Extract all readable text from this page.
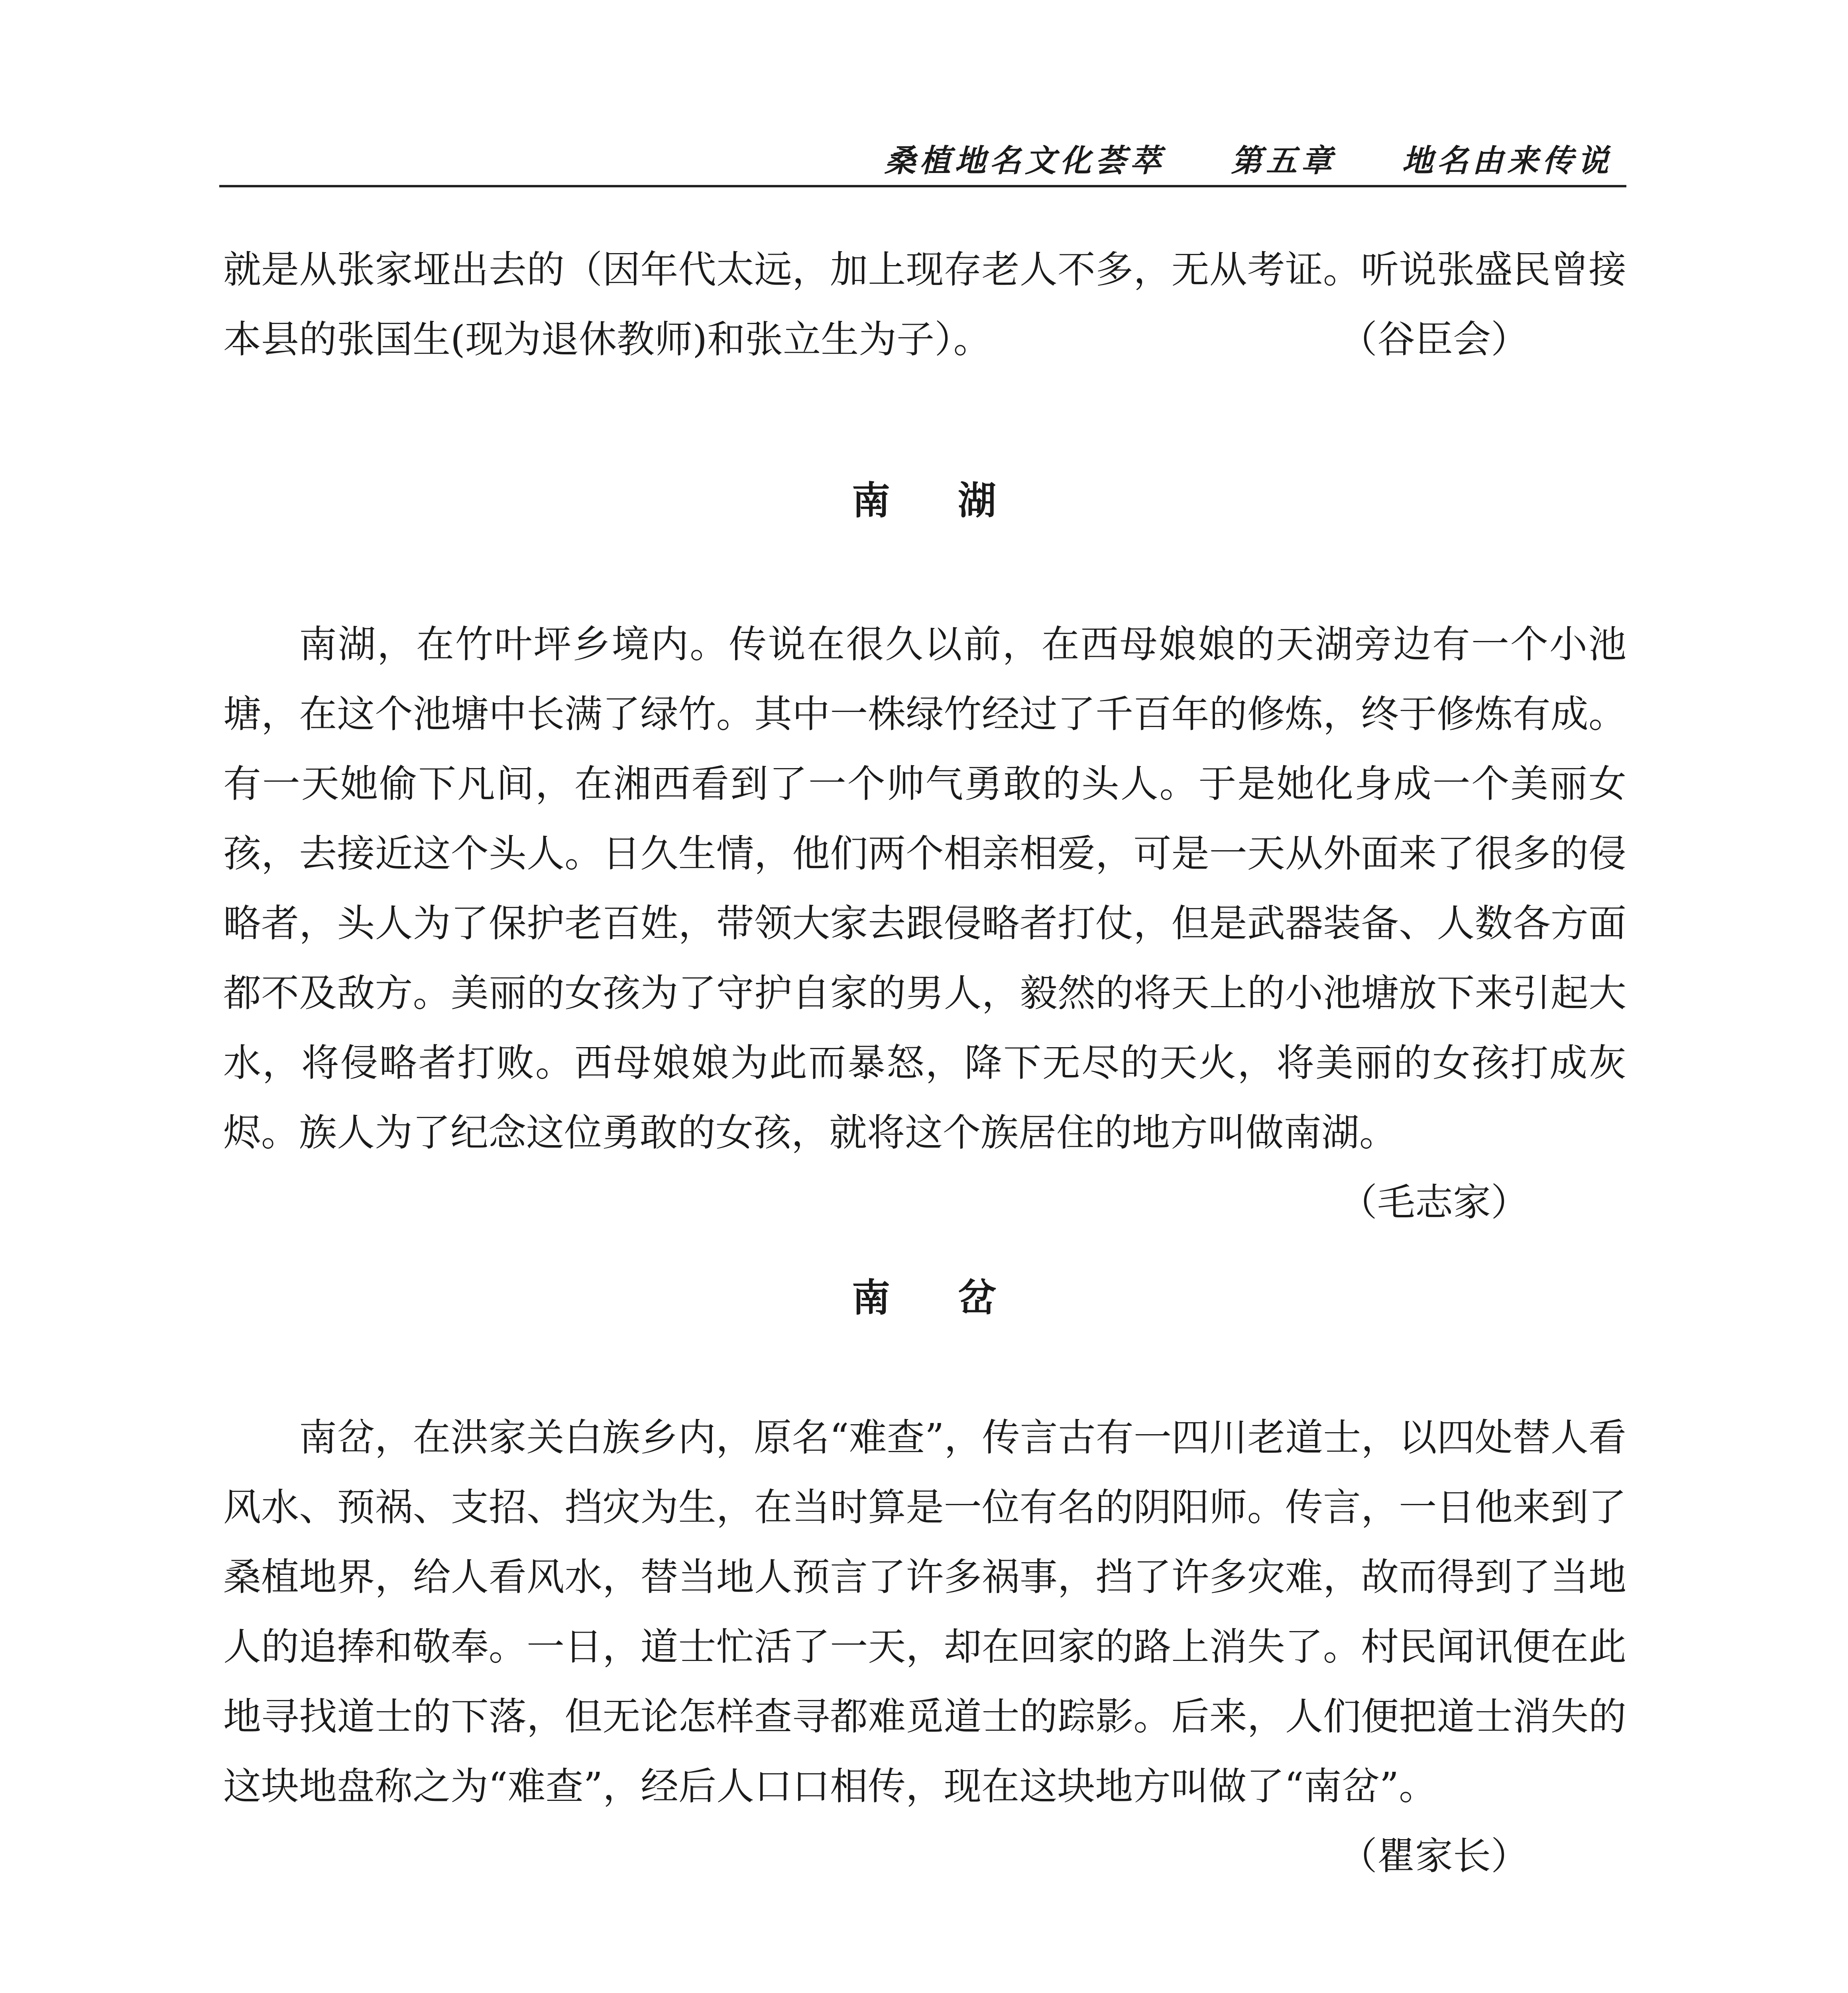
桑植地名文化荟萃 第五章 地名由来传说

就是从张家垭出去的（因年代太远，加上现存老人不多，无从考证。听说张盛民曾接本县的张国生(现为退休教师)和张立生为子）。	（谷臣会）

南 湖

南湖，在竹叶坪乡境内。传说在很久以前，在西母娘娘的天湖旁边有一个小池塘，在这个池塘中长满了绿竹。其中一株绿竹经过了千百年的修炼，终于修炼有成。有一天她偷下凡间，在湘西看到了一个帅气勇敢的头人。于是她化身成一个美丽女孩，去接近这个头人。日久生情，他们两个相亲相爱，可是一天从外面来了很多的侵略者，头人为了保护老百姓，带领大家去跟侵略者打仗，但是武器装备、人数各方面都不及敌方。美丽的女孩为了守护自家的男人，毅然的将天上的小池塘放下来引起大水，将侵略者打败。西母娘娘为此而暴怒，降下无尽的天火，将美丽的女孩打成灰烬。族人为了纪念这位勇敢的女孩，就将这个族居住的地方叫做南湖。
（毛志家）

南 岔

南岔，在洪家关白族乡内，原名“难查”，传言古有一四川老道士，以四处替人看风水、预祸、支招、挡灾为生，在当时算是一位有名的阴阳师。传言，一日他来到了桑植地界，给人看风水，替当地人预言了许多祸事，挡了许多灾难，故而得到了当地人的追捧和敬奉。一日，道士忙活了一天，却在回家的路上消失了。村民闻讯便在此地寻找道士的下落，但无论怎样查寻都难觅道士的踪影。后来，人们便把道士消失的这块地盘称之为“难查”，经后人口口相传，现在这块地方叫做了“南岔”。

（瞿家长）
